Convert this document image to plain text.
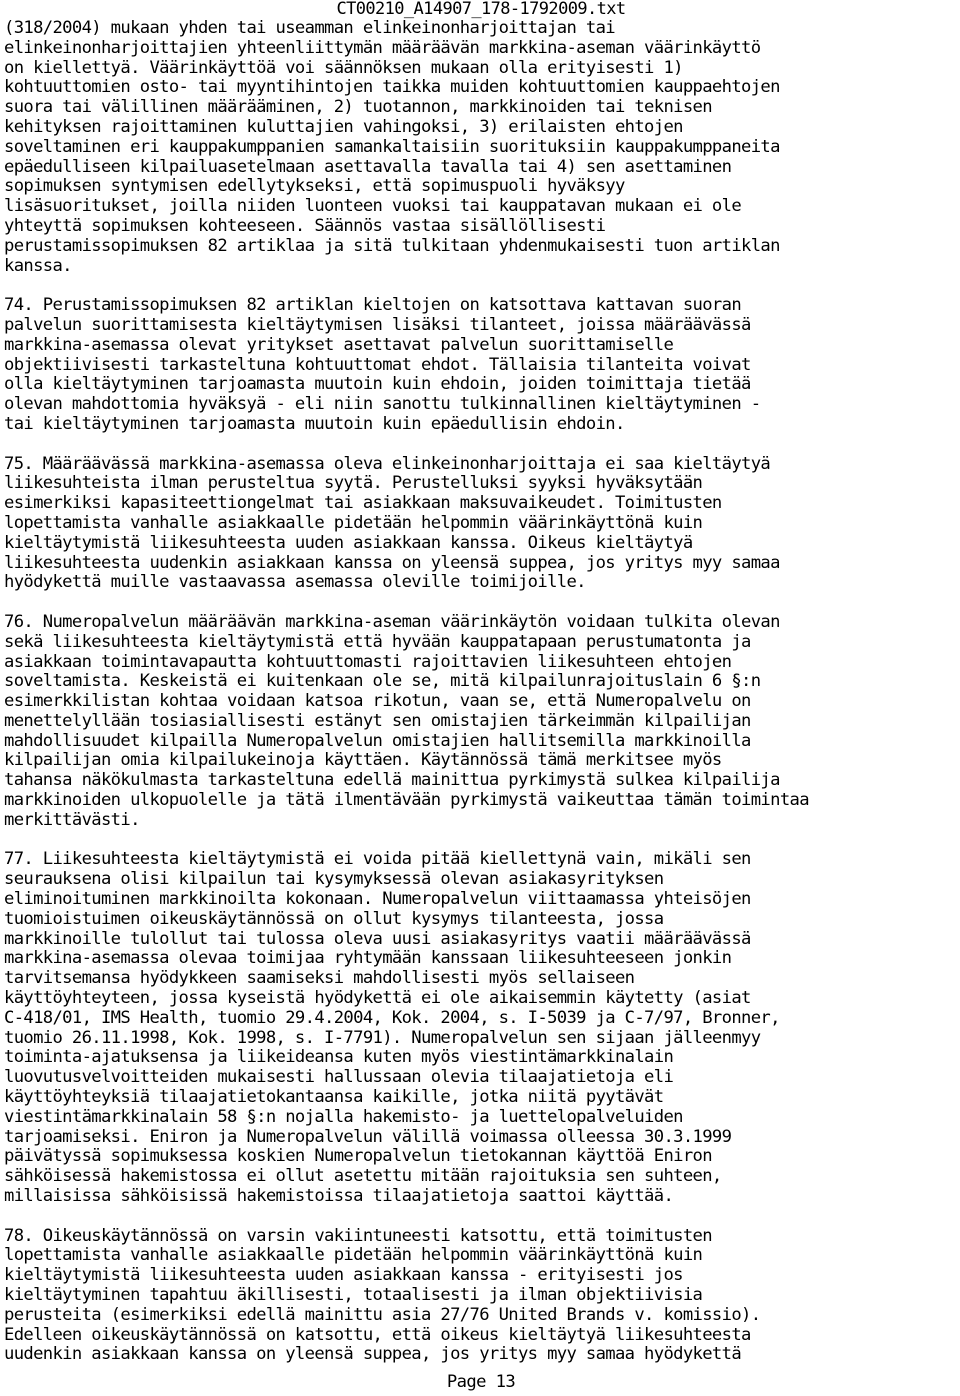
CT00210_A14907_178-1792009.txt
(318/2004) mukaan yhden tai useamman elinkeinonharjoittajan tai
elinkeinonharjoittajien yhteenliittymän määräävän markkina-aseman väärinkäyttö
on kiellettyä. Väärinkäyttöä voi säännöksen mukaan olla erityisesti 1)
kohtuuttomien osto- tai myyntihintojen taikka muiden kohtuuttomien kauppaehtojen
suora tai välillinen määrääminen, 2) tuotannon, markkinoiden tai teknisen
kehityksen rajoittaminen kuluttajien vahingoksi, 3) erilaisten ehtojen
soveltaminen eri kauppakumppanien samankaltaisiin suorituksiin kauppakumppaneita
epäedulliseen kilpailuasetelmaan asettavalla tavalla tai 4) sen asettaminen
sopimuksen syntymisen edellytykseksi, että sopimuspuoli hyväksyy
lisäsuoritukset, joilla niiden luonteen vuoksi tai kauppatavan mukaan ei ole
yhteyttä sopimuksen kohteeseen. Säännös vastaa sisällöllisesti
perustamissopimuksen 82 artiklaa ja sitä tulkitaan yhdenmukaisesti tuon artiklan
kanssa.
74. Perustamissopimuksen 82 artiklan kieltojen on katsottava kattavan suoran
palvelun suorittamisesta kieltäytymisen lisäksi tilanteet, joissa määräävässä
markkina-asemassa olevat yritykset asettavat palvelun suorittamiselle
objektiivisesti tarkasteltuna kohtuuttomat ehdot. Tällaisia tilanteita voivat
olla kieltäytyminen tarjoamasta muutoin kuin ehdoin, joiden toimittaja tietää
olevan mahdottomia hyväksyä - eli niin sanottu tulkinnallinen kieltäytyminen -
tai kieltäytyminen tarjoamasta muutoin kuin epäedullisin ehdoin.
75. Määräävässä markkina-asemassa oleva elinkeinonharjoittaja ei saa kieltäytyä
liikesuhteista ilman perusteltua syytä. Perustelluksi syyksi hyväksytään
esimerkiksi kapasiteettiongelmat tai asiakkaan maksuvaikeudet. Toimitusten
lopettamista vanhalle asiakkaalle pidetään helpommin väärinkäyttönä kuin
kieltäytymistä liikesuhteesta uuden asiakkaan kanssa. Oikeus kieltäytyä
liikesuhteesta uudenkin asiakkaan kanssa on yleensä suppea, jos yritys myy samaa
hyödykettä muille vastaavassa asemassa oleville toimijoille.
76. Numeropalvelun määräävän markkina-aseman väärinkäytön voidaan tulkita olevan
sekä liikesuhteesta kieltäytymistä että hyvään kauppatapaan perustumatonta ja
asiakkaan toimintavapautta kohtuuttomasti rajoittavien liikesuhteen ehtojen
soveltamista. Keskeistä ei kuitenkaan ole se, mitä kilpailunrajoituslain 6 §:n
esimerkkilistan kohtaa voidaan katsoa rikotun, vaan se, että Numeropalvelu on
menettelyllään tosiasiallisesti estänyt sen omistajien tärkeimmän kilpailijan
mahdollisuudet kilpailla Numeropalvelun omistajien hallitsemilla markkinoilla
kilpailijan omia kilpailukeinoja käyttäen. Käytännössä tämä merkitsee myös
tahansa näkökulmasta tarkasteltuna edellä mainittua pyrkimystä sulkea kilpailija
markkinoiden ulkopuolelle ja tätä ilmentävään pyrkimystä vaikeuttaa tämän toimintaa
merkittävästi.
77. Liikesuhteesta kieltäytymistä ei voida pitää kiellettynä vain, mikäli sen
seurauksena olisi kilpailun tai kysymyksessä olevan asiakasyrityksen
eliminoituminen markkinoilta kokonaan. Numeropalvelun viittaamassa yhteisöjen
tuomioistuimen oikeuskäytännössä on ollut kysymys tilanteesta, jossa
markkinoille tulollut tai tulossa oleva uusi asiakasyritys vaatii määräävässä
markkina-asemassa olevaa toimijaa ryhtymään kanssaan liikesuhteeseen jonkin
tarvitsemansa hyödykkeen saamiseksi mahdollisesti myös sellaiseen
käyttöyhteyteen, jossa kyseistä hyödykettä ei ole aikaisemmin käytetty (asiat
C-418/01, IMS Health, tuomio 29.4.2004, Kok. 2004, s. I-5039 ja C-7/97, Bronner,
tuomio 26.11.1998, Kok. 1998, s. I-7791). Numeropalvelun sen sijaan jälleenmyy
toiminta-ajatuksensa ja liikeideansa kuten myös viestintämarkkinalain
luovutusvelvoitteiden mukaisesti hallussaan olevia tilaajatietoja eli
käyttöyhteyksiä tilaajatietokantaansa kaikille, jotka niitä pyytävät
viestintämarkkinalain 58 §:n nojalla hakemisto- ja luettelopalveluiden
tarjoamiseksi. Eniron ja Numeropalvelun välillä voimassa olleessa 30.3.1999
päivätyssä sopimuksessa koskien Numeropalvelun tietokannan käyttöä Eniron
sähköisessä hakemistossa ei ollut asetettu mitään rajoituksia sen suhteen,
millaisissa sähköisissä hakemistoissa tilaajatietoja saattoi käyttää.
78. Oikeuskäytännössä on varsin vakiintuneesti katsottu, että toimitusten
lopettamista vanhalle asiakkaalle pidetään helpommin väärinkäyttönä kuin
kieltäytymistä liikesuhteesta uuden asiakkaan kanssa - erityisesti jos
kieltäytyminen tapahtuu äkillisesti, totaalisesti ja ilman objektiivisia
perusteita (esimerkiksi edellä mainittu asia 27/76 United Brands v. komissio).
Edelleen oikeuskäytännössä on katsottu, että oikeus kieltäytyä liikesuhteesta
uudenkin asiakkaan kanssa on yleensä suppea, jos yritys myy samaa hyödykettä
Page 13
